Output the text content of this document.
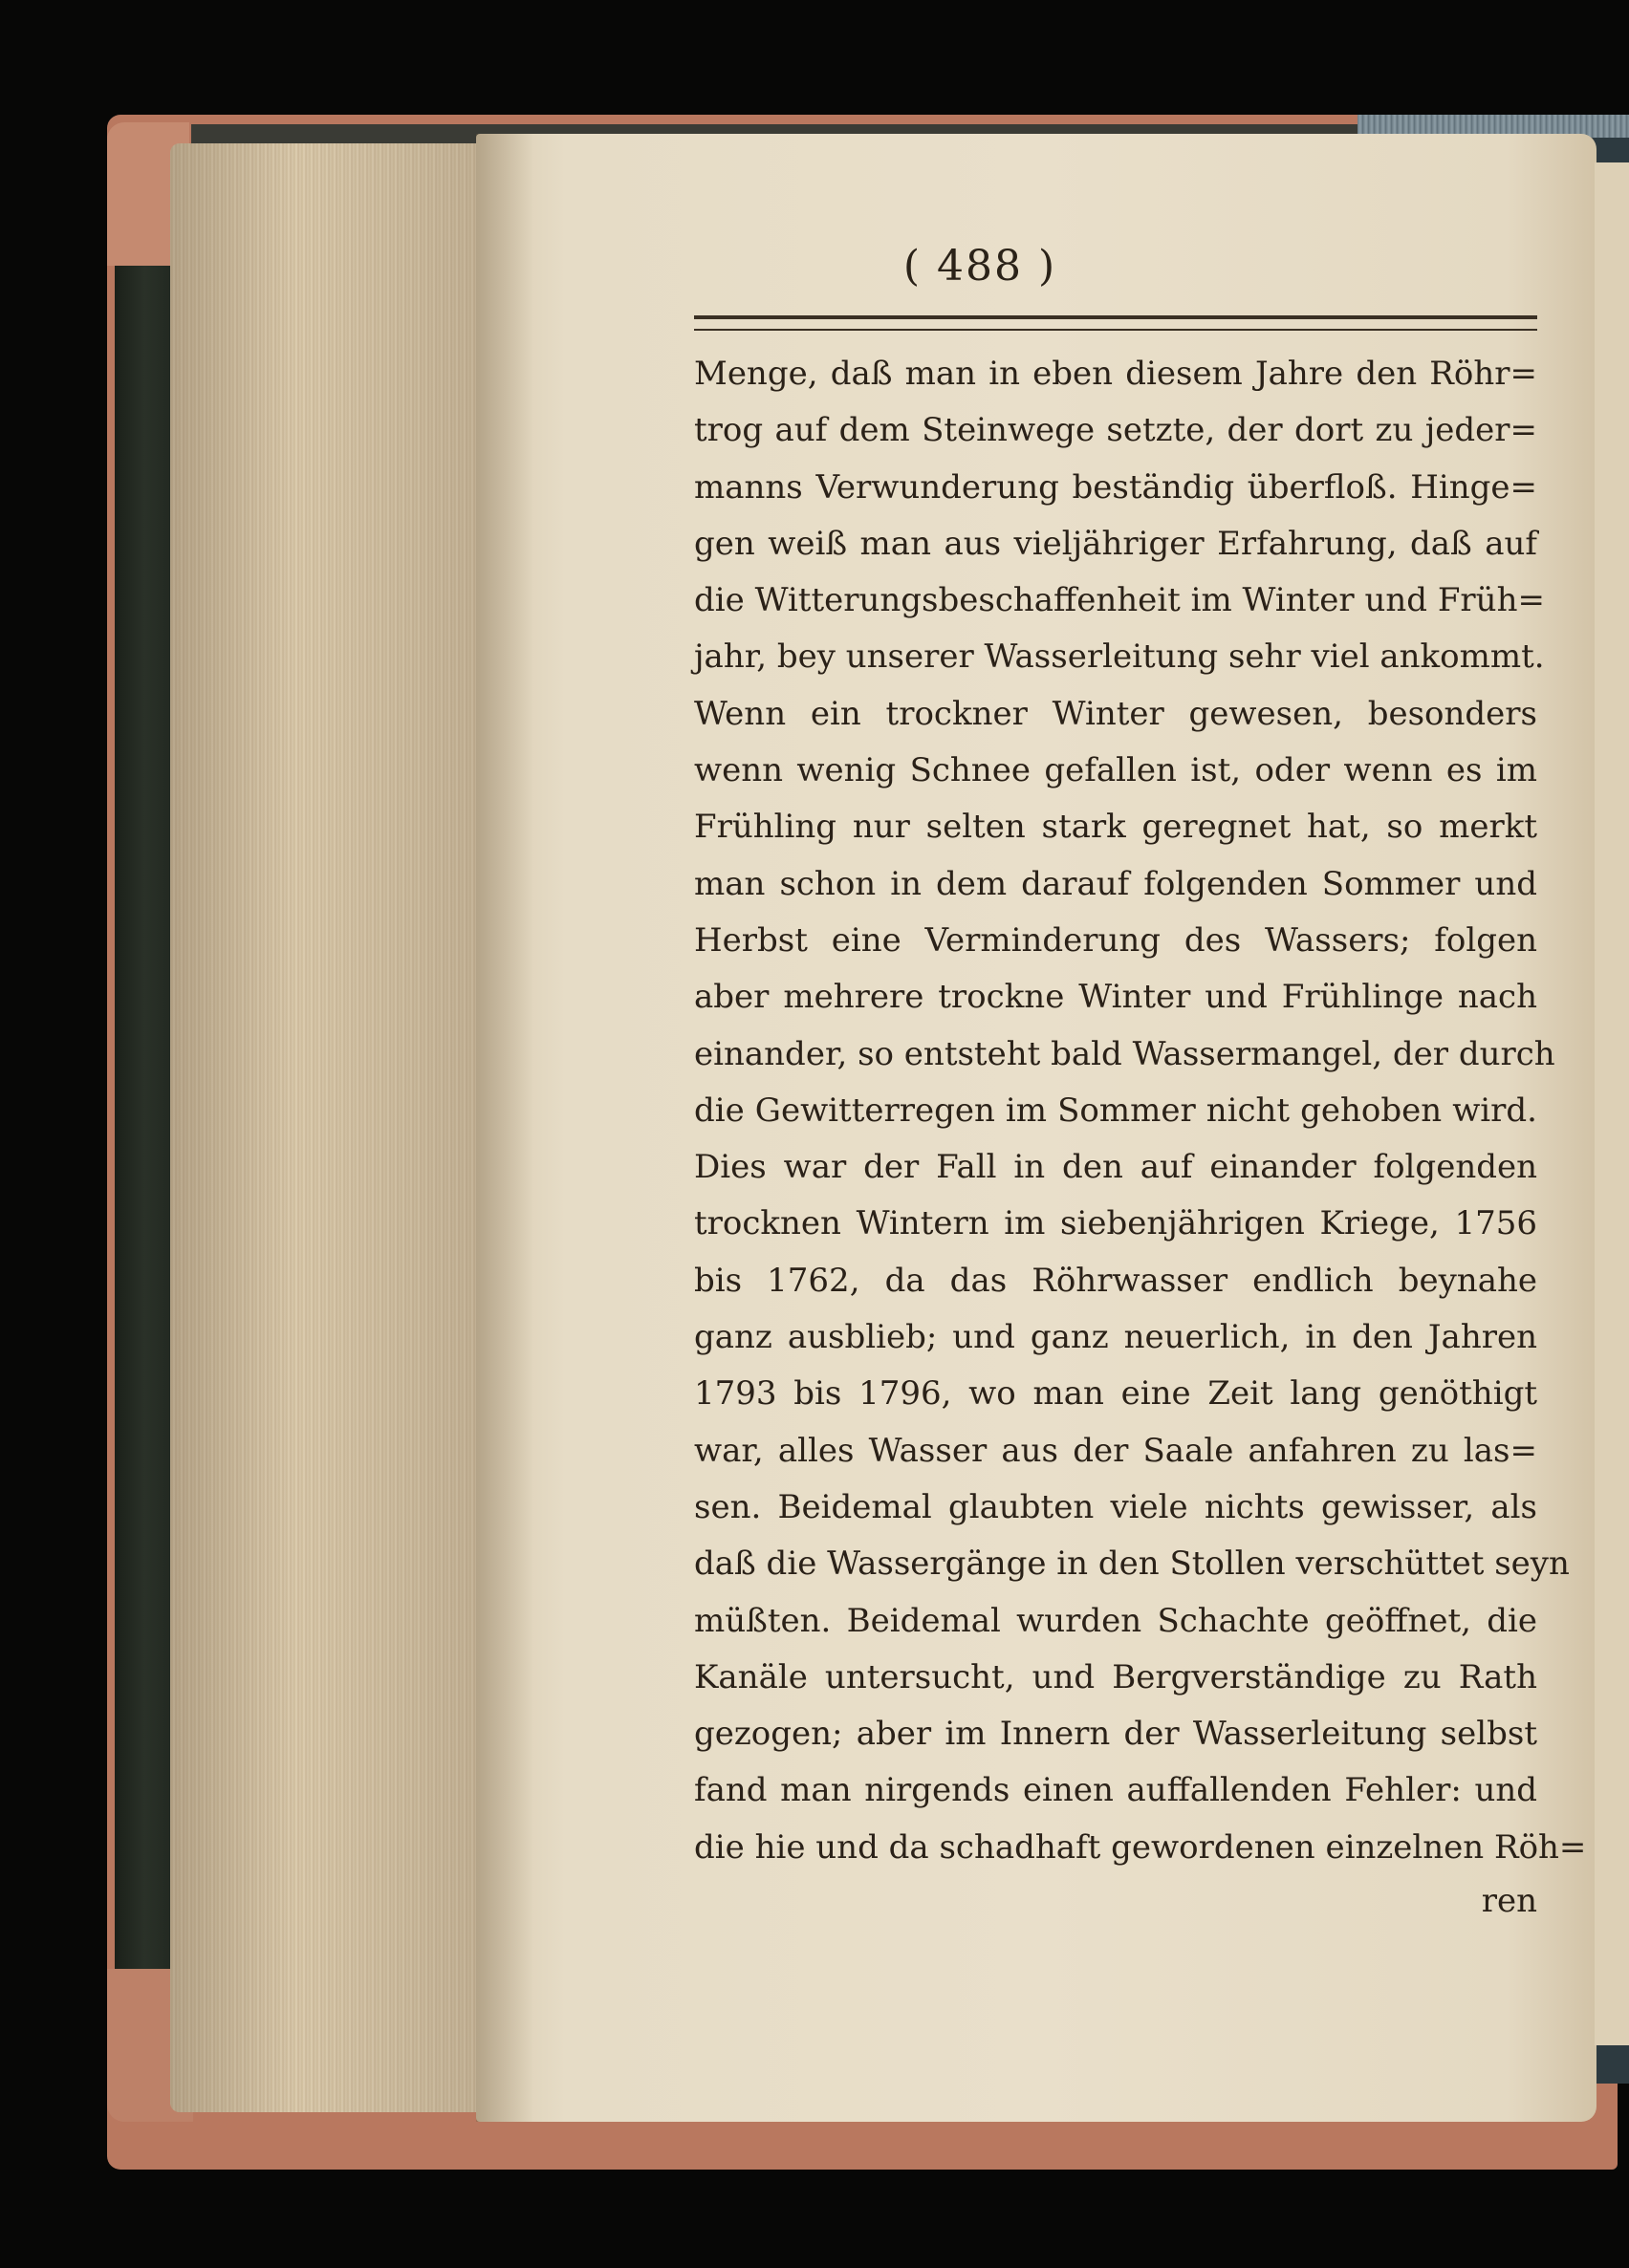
( 488 )
Menge, daß man in eben diesem Jahre den Röhr=
trog auf dem Steinwege setzte, der dort zu jeder=
manns Verwunderung beständig überfloß. Hinge=
gen weiß man aus vieljähriger Erfahrung, daß auf
die Witterungsbeschaffenheit im Winter und Früh=
jahr, bey unserer Wasserleitung sehr viel ankommt.
Wenn ein trockner Winter gewesen, besonders
wenn wenig Schnee gefallen ist, oder wenn es im
Frühling nur selten stark geregnet hat, so merkt
man schon in dem darauf folgenden Sommer und
Herbst eine Verminderung des Wassers; folgen
aber mehrere trockne Winter und Frühlinge nach
einander, so entsteht bald Wassermangel, der durch
die Gewitterregen im Sommer nicht gehoben wird.
Dies war der Fall in den auf einander folgenden
trocknen Wintern im siebenjährigen Kriege, 1756
bis 1762, da das Röhrwasser endlich beynahe
ganz ausblieb; und ganz neuerlich, in den Jahren
1793 bis 1796, wo man eine Zeit lang genöthigt
war, alles Wasser aus der Saale anfahren zu las=
sen. Beidemal glaubten viele nichts gewisser, als
daß die Wassergänge in den Stollen verschüttet seyn
müßten. Beidemal wurden Schachte geöffnet, die
Kanäle untersucht, und Bergverständige zu Rath
gezogen; aber im Innern der Wasserleitung selbst
fand man nirgends einen auffallenden Fehler: und
die hie und da schadhaft gewordenen einzelnen Röh=
ren
